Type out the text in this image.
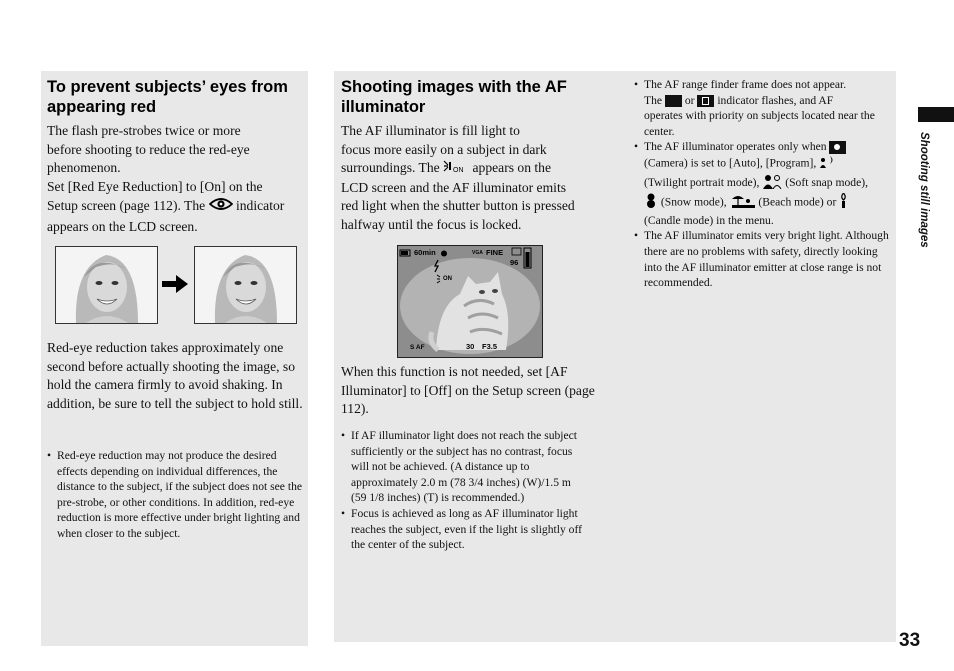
To prevent subjects’ eyes from appearing red
The flash pre-strobes twice or more
before shooting to reduce the red-eye
phenomenon.
Set [Red Eye Reduction] to [On] on the
Setup screen (page 112). The indicator
appears on the LCD screen.

Red-eye reduction takes approximately one second before actually shooting the image, so hold the camera firmly to avoid shaking. In addition, be sure to tell the subject to hold still.

• Red-eye reduction may not produce the desired effects depending on individual differences, the distance to the subject, if the subject does not see the pre-strobe, or other conditions. In addition, red-eye reduction is more effective under bright lighting and when closer to the subject.
Shooting images with the AF illuminator
The AF illuminator is fill light to
focus more easily on a subject in dark
surroundings. The ON appears on the
LCD screen and the AF illuminator emits
red light when the shutter button is pressed
halfway until the focus is locked.
60min	VGA FINE
96
ON
S AF	30 F3.5

When this function is not needed, set [AF Illuminator] to [Off] on the Setup screen (page 112).

• If AF illuminator light does not reach the subject sufficiently or the subject has no contrast, focus will not be achieved. (A distance up to approximately 2.0 m (78 3/4 inches) (W)/1.5 m (59 1/8 inches) (T) is recommended.)
• Focus is achieved as long as AF illuminator light reaches the subject, even if the light is slightly off the center of the subject.
• The AF range finder frame does not appear.
The or indicator flashes, and AF
operates with priority on subjects located near the center.
• The AF illuminator operates only when
(Camera) is set to [Auto], [Program],
(Twilight portrait mode), (Soft snap mode),
(Snow mode),	(Beach mode) or
(Candle mode) in the menu.
• The AF illuminator emits very bright light. Although there are no problems with safety, directly looking into the AF illuminator emitter at close range is not recommended.
Shooting still images
33
